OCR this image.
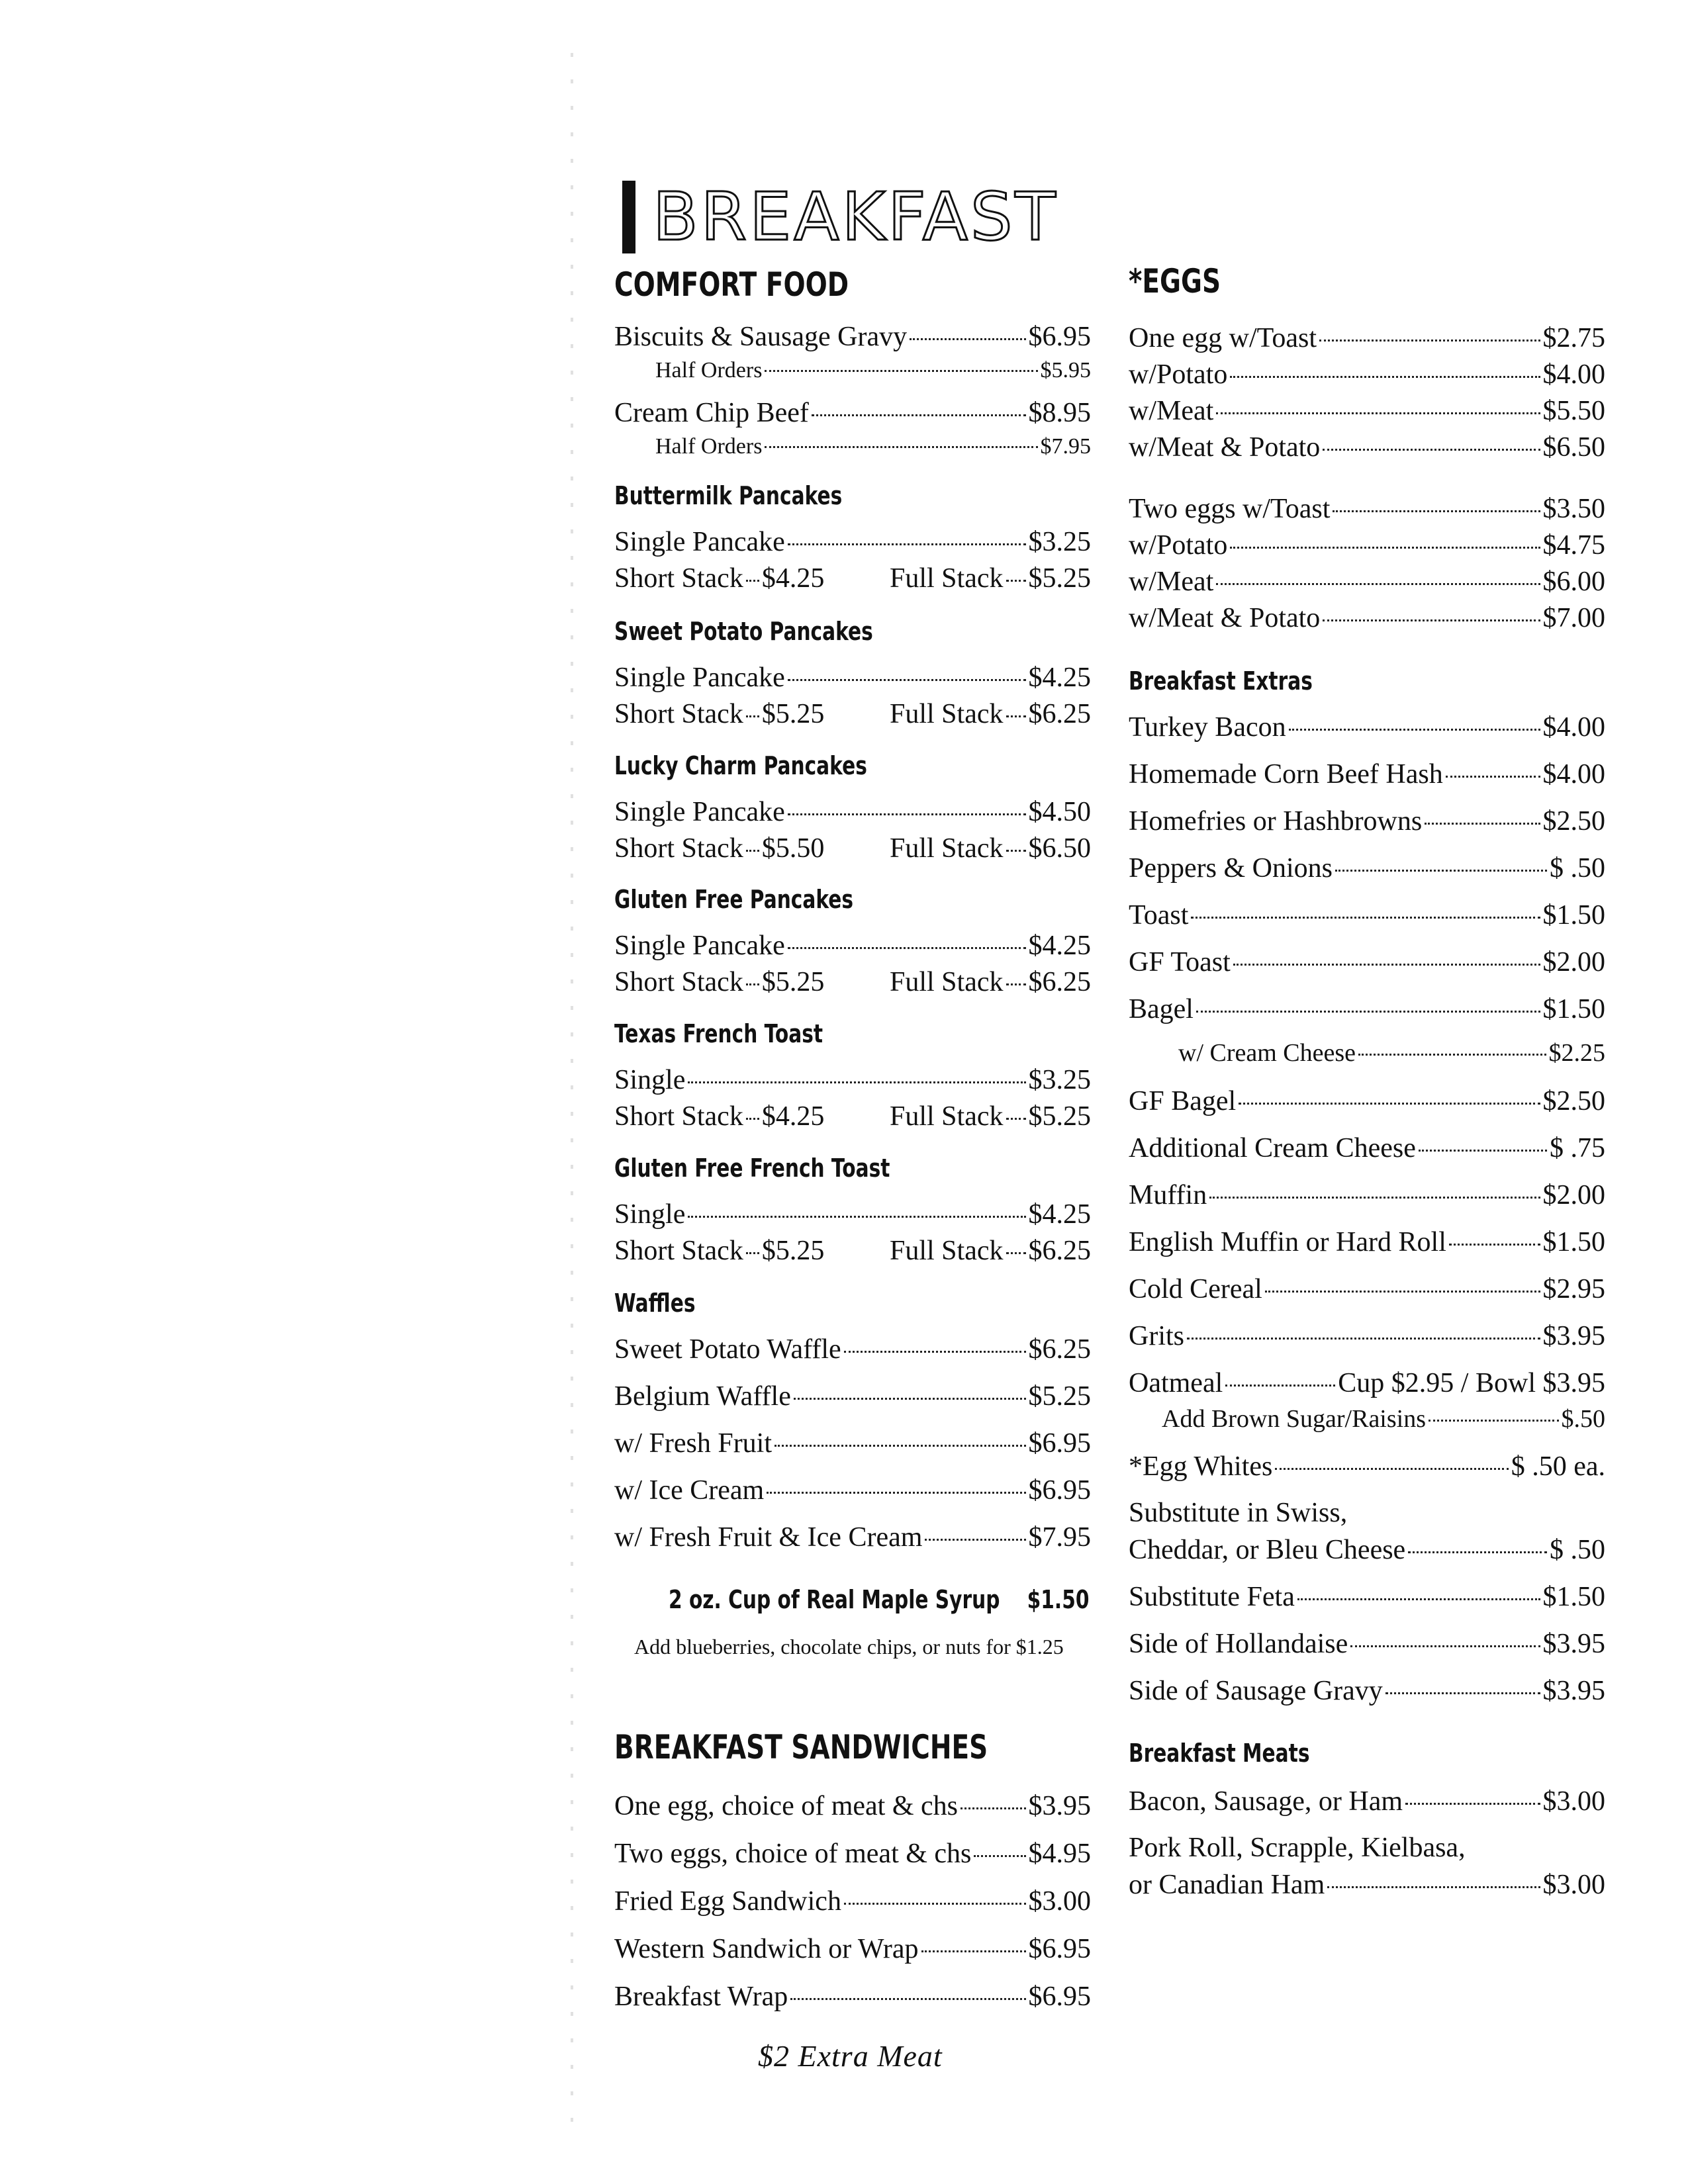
BREAKFAST
COMFORT FOOD
Biscuits & Sausage Gravy	$6.95
Half Orders	$5.95
Cream Chip Beef	$8.95
Half Orders	$7.95
Buttermilk Pancakes
Single Pancake	$3.25
Short Stack $4.25 Full Stack $5.25
Sweet Potato Pancakes
Single Pancake	$4.25
Short Stack $5.25 Full Stack $6.25
Lucky Charm Pancakes
Single Pancake	$4.50
Short Stack $5.50 Full Stack $6.50
Gluten Free Pancakes
Single Pancake	$4.25
Short Stack $5.25 Full Stack $6.25
Texas French Toast
Single	$3.25
Short Stack $4.25 Full Stack $5.25
Gluten Free French Toast
Single	$4.25
Short Stack $5.25 Full Stack $6.25
Waffles
Sweet Potato Waffle	$6.25
Belgium Waffle	$5.25
w/ Fresh Fruit	$6.95
w/ Ice Cream	$6.95
w/ Fresh Fruit & Ice Cream	$7.95
2 oz. Cup of Real Maple Syrup $1.50
Add blueberries, chocolate chips, or nuts for $1.25
BREAKFAST SANDWICHES
One egg, choice of meat & chs	$3.95
Two eggs, choice of meat & chs $4.95
Fried Egg Sandwich	$3.00
Western Sandwich or Wrap	$6.95
Breakfast Wrap	$6.95
$2 Extra Meat
*EGGS
One egg w/Toast	$2.75
w/Potato	$4.00
w/Meat	$5.50
w/Meat & Potato	$6.50
Two eggs w/Toast	$3.50
w/Potato	$4.75
w/Meat	$6.00
w/Meat & Potato	$7.00
Breakfast Extras
Turkey Bacon	$4.00
Homemade Corn Beef Hash	$4.00
Homefries or Hashbrowns	$2.50
Peppers & Onions	$ .50
Toast	$1.50
GF Toast	$2.00
Bagel	$1.50
w/ Cream Cheese	$2.25
GF Bagel	$2.50
Additional Cream Cheese	$ .75
Muffin	$2.00
English Muffin or Hard Roll	$1.50
Cold Cereal	$2.95
Grits	$3.95
Oatmeal	Cup $2.95 / Bowl $3.95
Add Brown Sugar/Raisins	$.50
*Egg Whites	$ .50 ea.
Substitute in Swiss,
Cheddar, or Bleu Cheese	$ .50
Substitute Feta	$1.50
Side of Hollandaise	$3.95
Side of Sausage Gravy	$3.95
Breakfast Meats
Bacon, Sausage, or Ham	$3.00
Pork Roll, Scrapple, Kielbasa,
or Canadian Ham	$3.00
